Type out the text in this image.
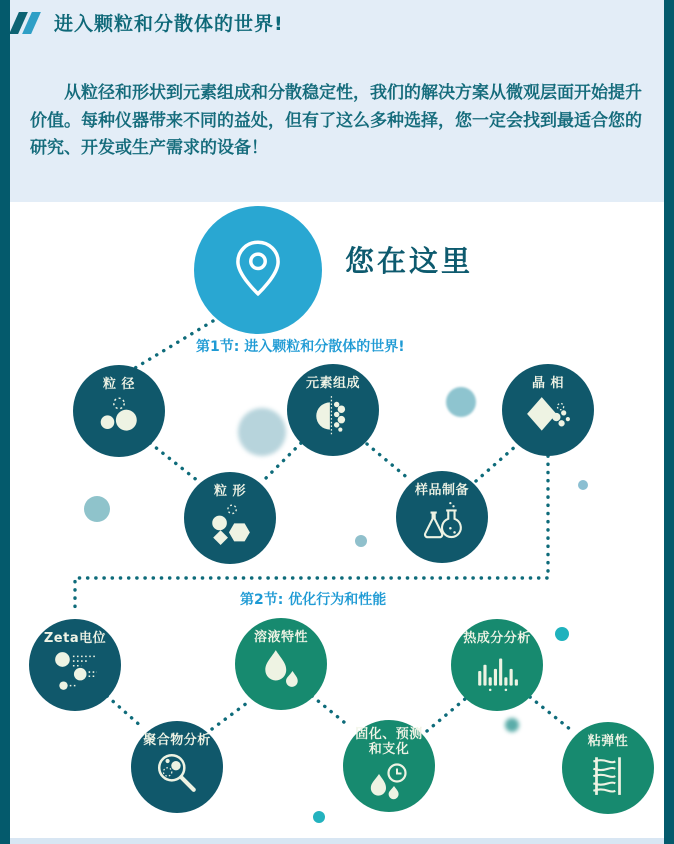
进入颗粒和分散体的世界!
从粒径和形状到元素组成和分散稳定性，我们的解决方案从微观层面开始提升价值。每种仪器带来不同的益处，但有了这么多种选择，您一定会找到最适合您的研究、开发或生产需求的设备！
您在这里
第1节: 进入颗粒和分散体的世界!
第2节: 优化行为和性能
粒 径	元素组成	晶 相
粒 形	样品制备
Zeta电位	溶液特性	热成分分析
聚合物分析	固化、预测和支化
粘弹性
